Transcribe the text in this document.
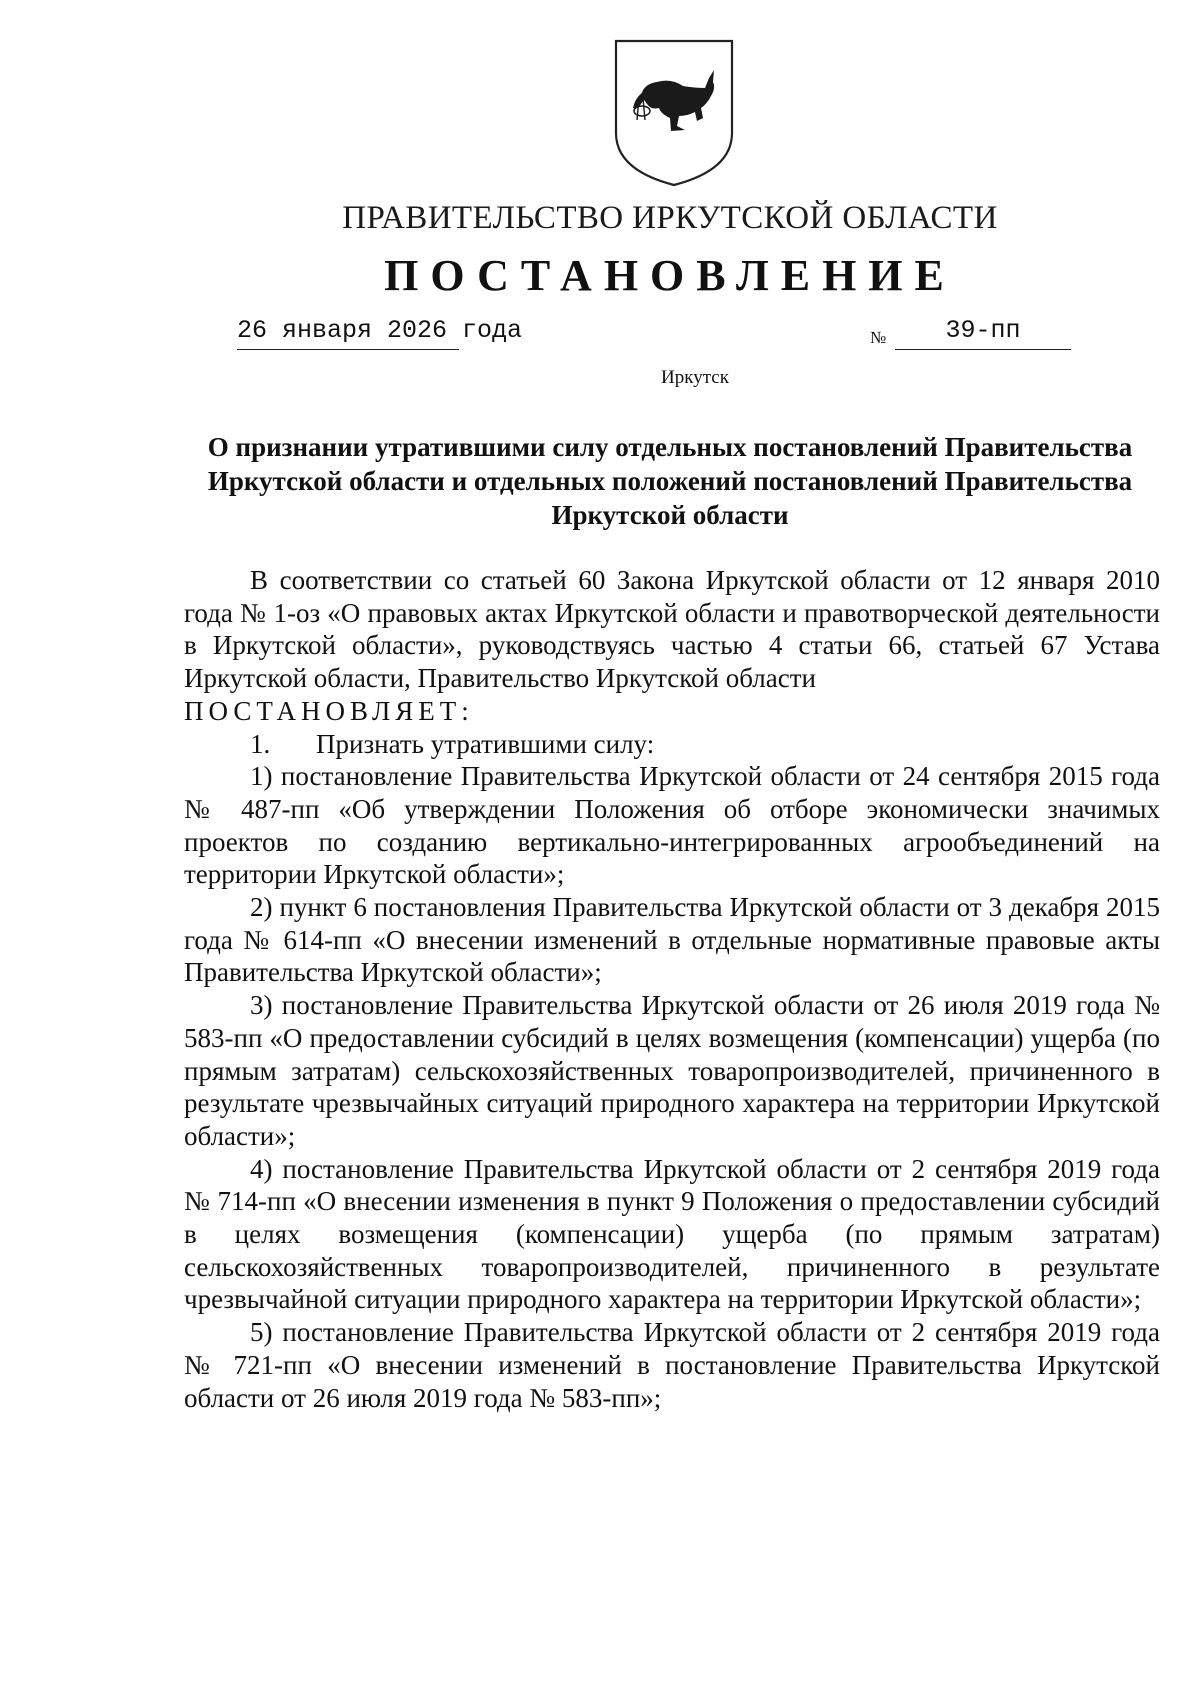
ПРАВИТЕЛЬСТВО ИРКУТСКОЙ ОБЛАСТИ
ПОСТАНОВЛЕНИЕ
26 января 2026 года	№	39-пп
Иркутск
О признании утратившими силу отдельных постановлений Правительства Иркутской области и отдельных положений постановлений Правительства Иркутской области

В соответствии со статьей 60 Закона Иркутской области от 12 января 2010 года № 1-оз «О правовых актах Иркутской области и правотворческой деятельности в Иркутской области», руководствуясь частью 4 статьи 66, статьей 67 Устава Иркутской области, Правительство Иркутской области

ПОСТАНОВЛЯЕТ:

1. Признать утратившими силу:

1) постановление Правительства Иркутской области от 24 сентября 2015 года № 487-пп «Об утверждении Положения об отборе экономически значимых проектов по созданию вертикально-интегрированных агрообъединений на территории Иркутской области»;

2) пункт 6 постановления Правительства Иркутской области от 3 декабря 2015 года № 614-пп «О внесении изменений в отдельные нормативные правовые акты Правительства Иркутской области»;

3) постановление Правительства Иркутской области от 26 июля 2019 года № 583-пп «О предоставлении субсидий в целях возмещения (компенсации) ущерба (по прямым затратам) сельскохозяйственных товаропроизводителей, причиненного в результате чрезвычайных ситуаций природного характера на территории Иркутской области»;

4) постановление Правительства Иркутской области от 2 сентября 2019 года № 714-пп «О внесении изменения в пункт 9 Положения о предоставлении субсидий в целях возмещения (компенсации) ущерба (по прямым затратам) сельскохозяйственных товаропроизводителей, причиненного в результате чрезвычайной ситуации природного характера на территории Иркутской области»;

5) постановление Правительства Иркутской области от 2 сентября 2019 года № 721-пп «О внесении изменений в постановление Правительства Иркутской области от 26 июля 2019 года № 583-пп»;
